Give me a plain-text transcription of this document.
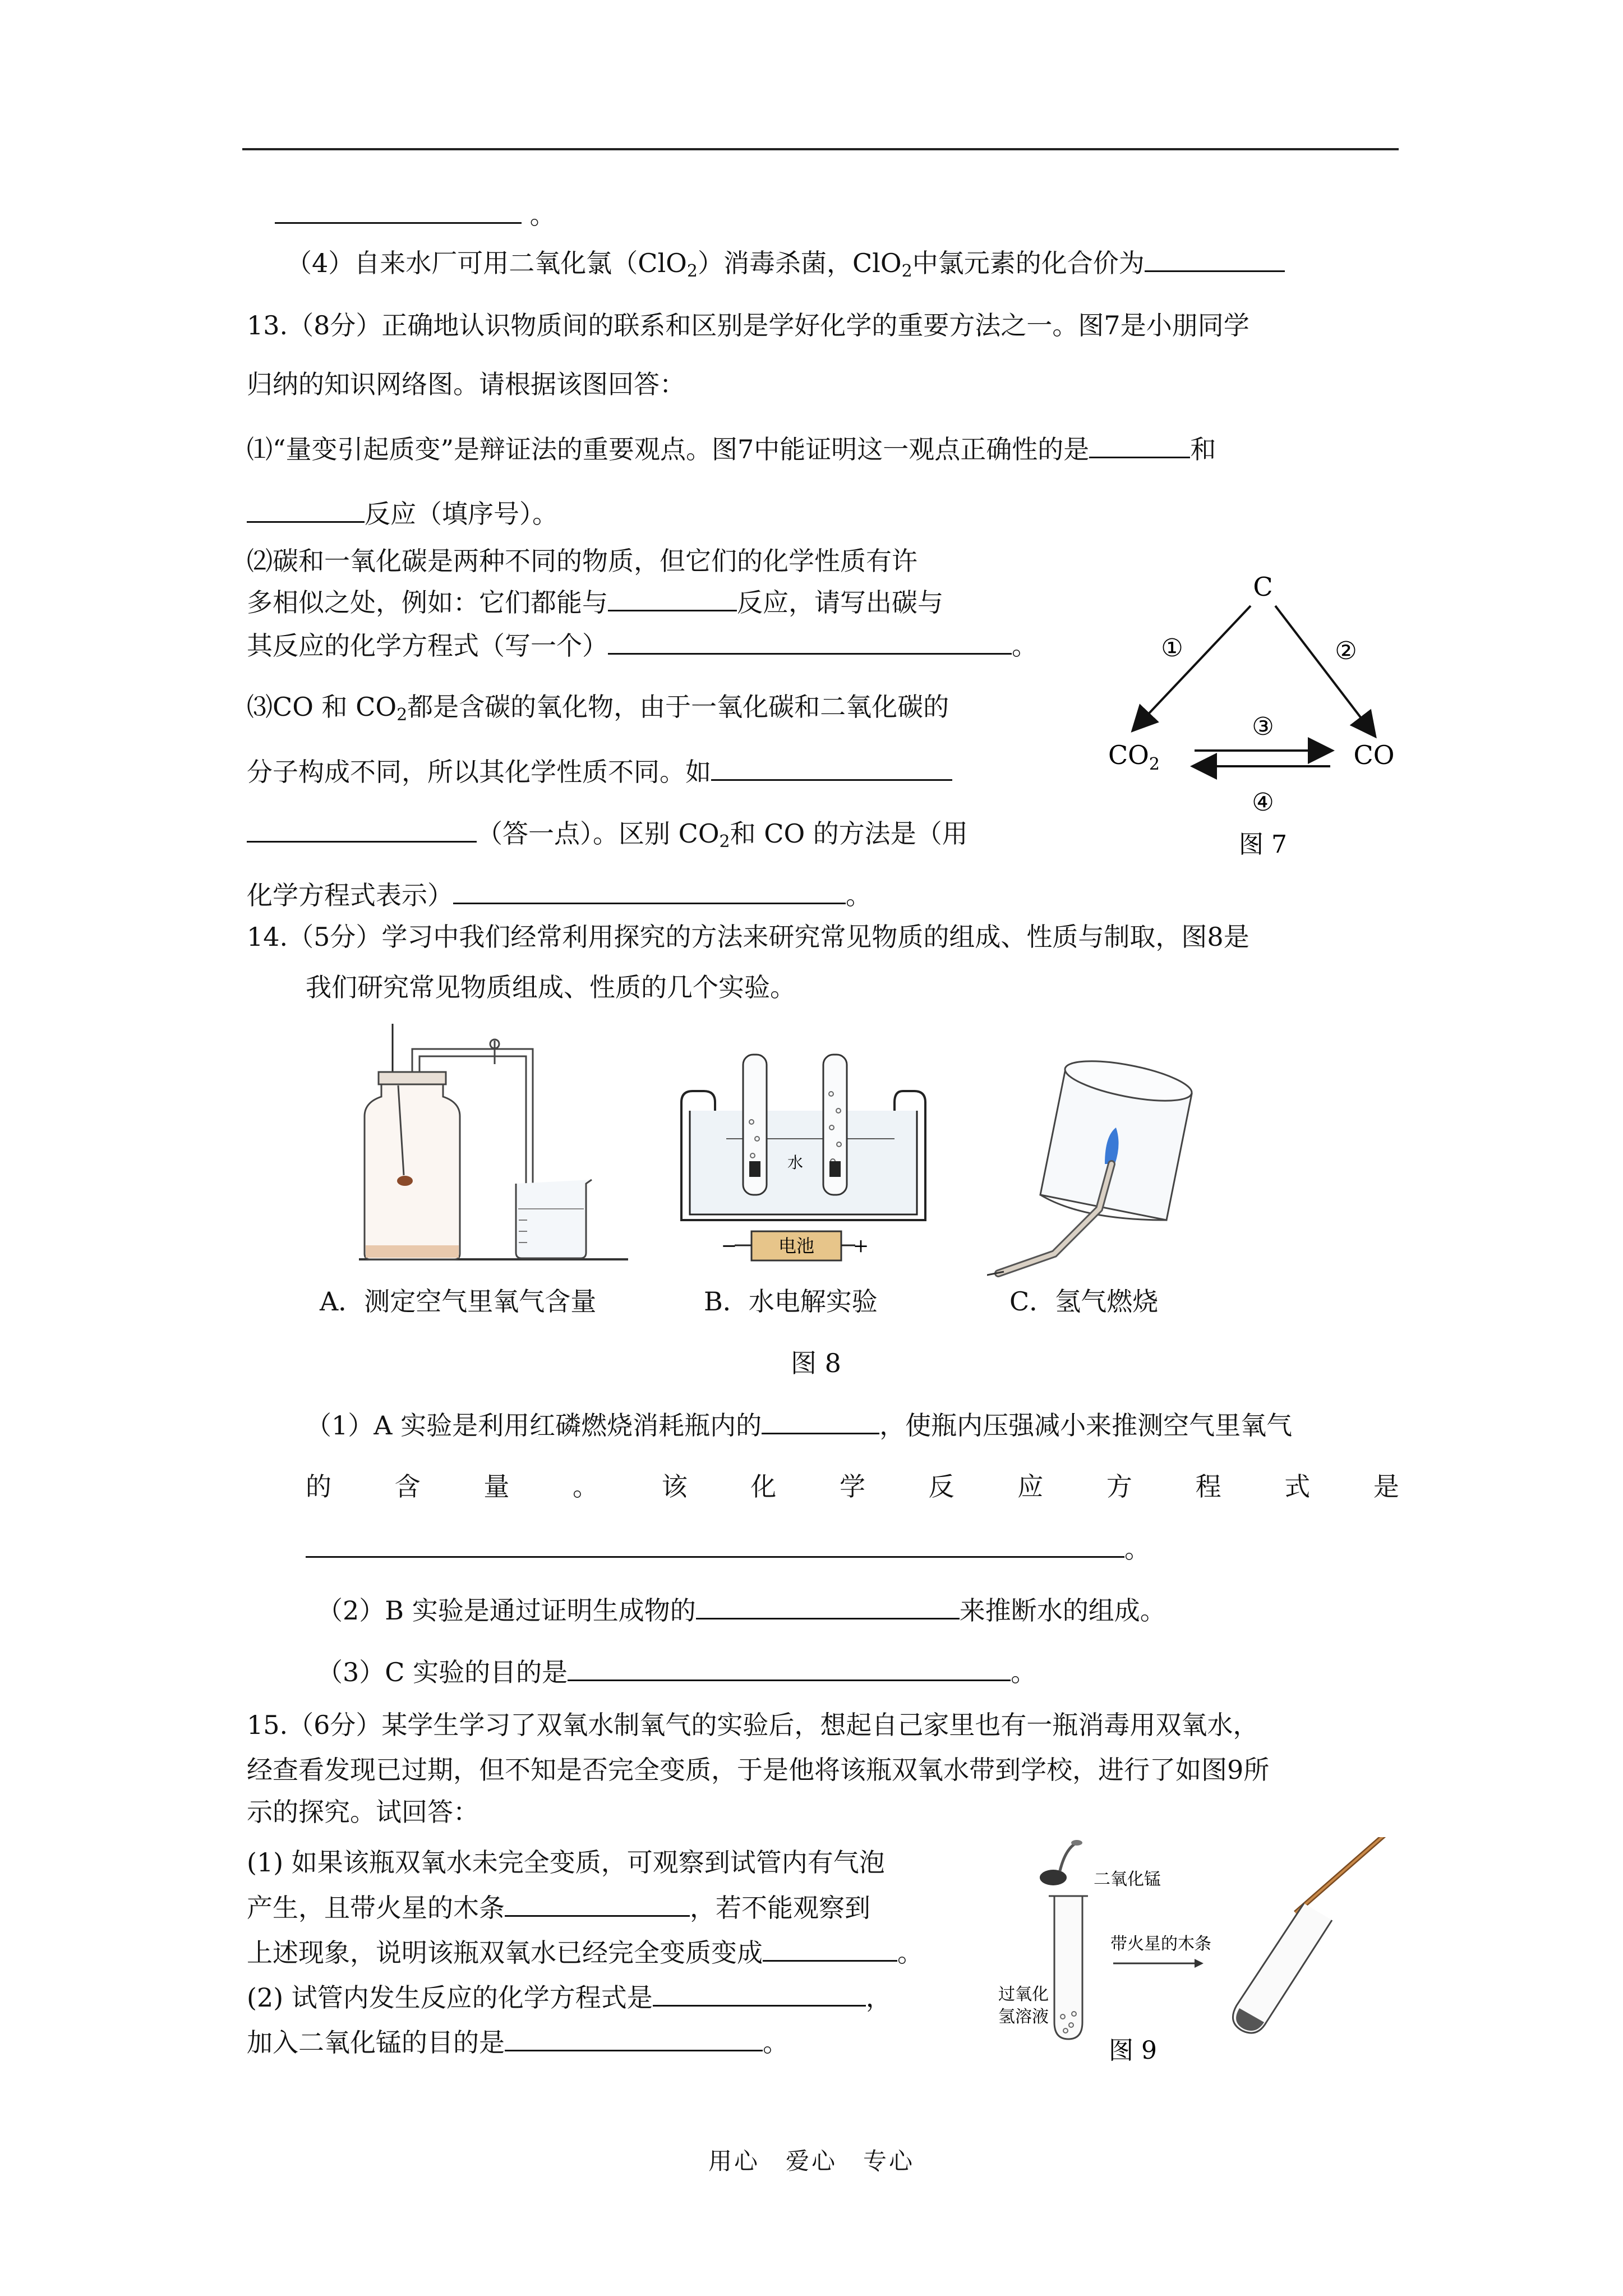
。
（4）自来水厂可用二氧化氯（ClO$_2$）消毒杀菌，ClO$_2$中氯元素的化合价为
13.（8分）正确地认识物质间的联系和区别是学好化学的重要方法之一。图7是小朋同学
归纳的知识网络图。请根据该图回答：
⑴“量变引起质变”是辩证法的重要观点。图7中能证明这一观点正确性的是	和
反应（填序号）。
⑵碳和一氧化碳是两种不同的物质，但它们的化学性质有许
多相似之处，例如：它们都能与	反应，请写出碳与
其反应的化学方程式（写一个）	。
⑶CO 和 $CO_2$都是含碳的氧化物，由于一氧化碳和二氧化碳的
分子构成不同，所以其化学性质不同。如
（答一点）。区别 $CO_2$和 CO 的方法是（用
化学方程式表示）	。
C
①	②
$CO_2$	CO
③
④
图 7
14.（5分）学习中我们经常利用探究的方法来研究常见物质的组成、性质与制取，图8是
我们研究常见物质组成、性质的几个实验。
水
电池
−	+
A．测定空气里氧气含量	B．水电解实验	C．氢气燃烧
图 8
（1）A 实验是利用红磷燃烧消耗瓶内的	，使瓶内压强减小来推测空气里氧气
的 含 量 。 该 化 学 反 应 方 程 式 是
。
（2）B 实验是通过证明生成物的	来推断水的组成。
（3）C 实验的目的是	。
15.（6分）某学生学习了双氧水制氧气的实验后，想起自己家里也有一瓶消毒用双氧水，
经查看发现已过期，但不知是否完全变质，于是他将该瓶双氧水带到学校，进行了如图9所
示的探究。试回答：
(1) 如果该瓶双氧水未完全变质，可观察到试管内有气泡
产生，且带火星的木条	，若不能观察到
上述现象，说明该瓶双氧水已经完全变质变成	。
(2) 试管内发生反应的化学方程式是	，
加入二氧化锰的目的是	。
二氧化锰
过氧化
氢溶液
带火星的木条
图 9
用心　爱心　专心
